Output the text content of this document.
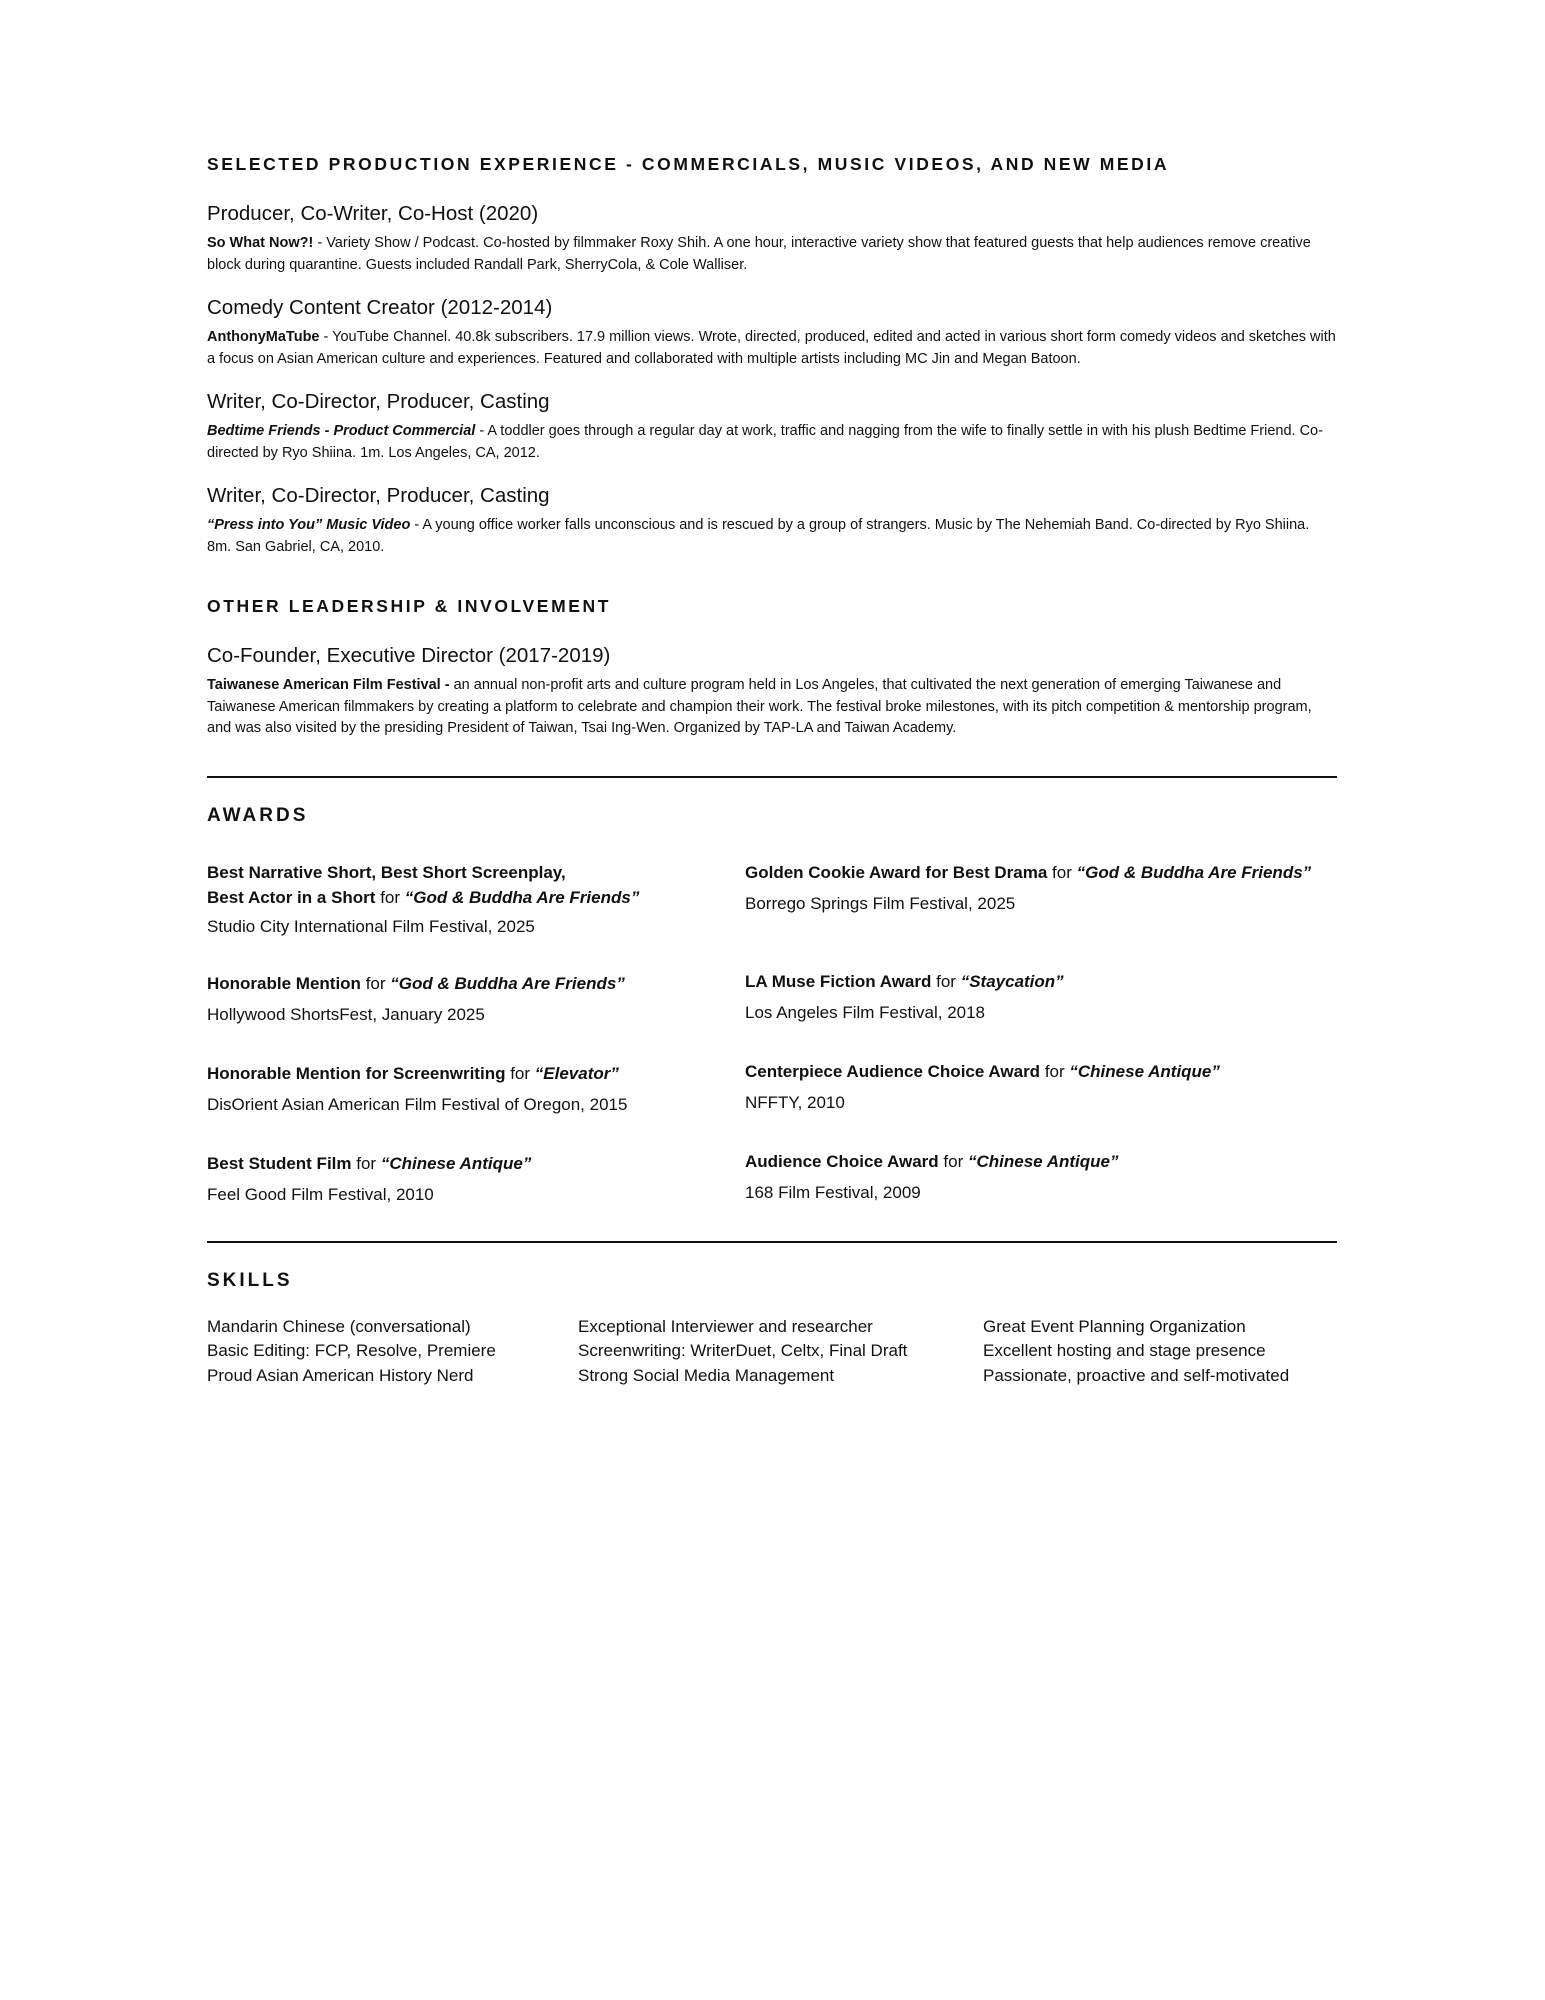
SELECTED PRODUCTION EXPERIENCE - COMMERCIALS, MUSIC VIDEOS, AND NEW MEDIA
Producer, Co-Writer, Co-Host (2020)

So What Now?! - Variety Show / Podcast. Co-hosted by filmmaker Roxy Shih. A one hour, interactive variety show that featured guests that help audiences remove creative block during quarantine. Guests included Randall Park, SherryCola, & Cole Walliser.

Comedy Content Creator (2012-2014)

AnthonyMaTube - YouTube Channel. 40.8k subscribers. 17.9 million views. Wrote, directed, produced, edited and acted in various short form comedy videos and sketches with a focus on Asian American culture and experiences. Featured and collaborated with multiple artists including MC Jin and Megan Batoon.

Writer, Co-Director, Producer, Casting

Bedtime Friends - Product Commercial - A toddler goes through a regular day at work, traffic and nagging from the wife to finally settle in with his plush Bedtime Friend. Co-directed by Ryo Shiina. 1m. Los Angeles, CA, 2012.

Writer, Co-Director, Producer, Casting

“Press into You” Music Video - A young office worker falls unconscious and is rescued by a group of strangers. Music by The Nehemiah Band. Co-directed by Ryo Shiina. 8m. San Gabriel, CA, 2010.

OTHER LEADERSHIP & INVOLVEMENT
Co-Founder, Executive Director (2017-2019)

Taiwanese American Film Festival - an annual non-profit arts and culture program held in Los Angeles, that cultivated the next generation of emerging Taiwanese and Taiwanese American filmmakers by creating a platform to celebrate and champion their work. The festival broke milestones, with its pitch competition & mentorship program, and was also visited by the presiding President of Taiwan, Tsai Ing-Wen. Organized by TAP-LA and Taiwan Academy.

AWARDS
Best Narrative Short, Best Short Screenplay,
Best Actor in a Short for “God & Buddha Are Friends”
Studio City International Film Festival, 2025
Honorable Mention for “God & Buddha Are Friends”
Hollywood ShortsFest, January 2025
Honorable Mention for Screenwriting for “Elevator”
DisOrient Asian American Film Festival of Oregon, 2015
Best Student Film for “Chinese Antique”
Feel Good Film Festival, 2010
Golden Cookie Award for Best Drama for “God & Buddha Are Friends”
Borrego Springs Film Festival, 2025
LA Muse Fiction Award for “Staycation”
Los Angeles Film Festival, 2018
Centerpiece Audience Choice Award for “Chinese Antique”
NFFTY, 2010
Audience Choice Award for “Chinese Antique”
168 Film Festival, 2009
SKILLS
Mandarin Chinese (conversational)
Basic Editing: FCP, Resolve, Premiere
Proud Asian American History Nerd
Exceptional Interviewer and researcher
Screenwriting: WriterDuet, Celtx, Final Draft
Strong Social Media Management
Great Event Planning Organization
Excellent hosting and stage presence
Passionate, proactive and self-motivated
